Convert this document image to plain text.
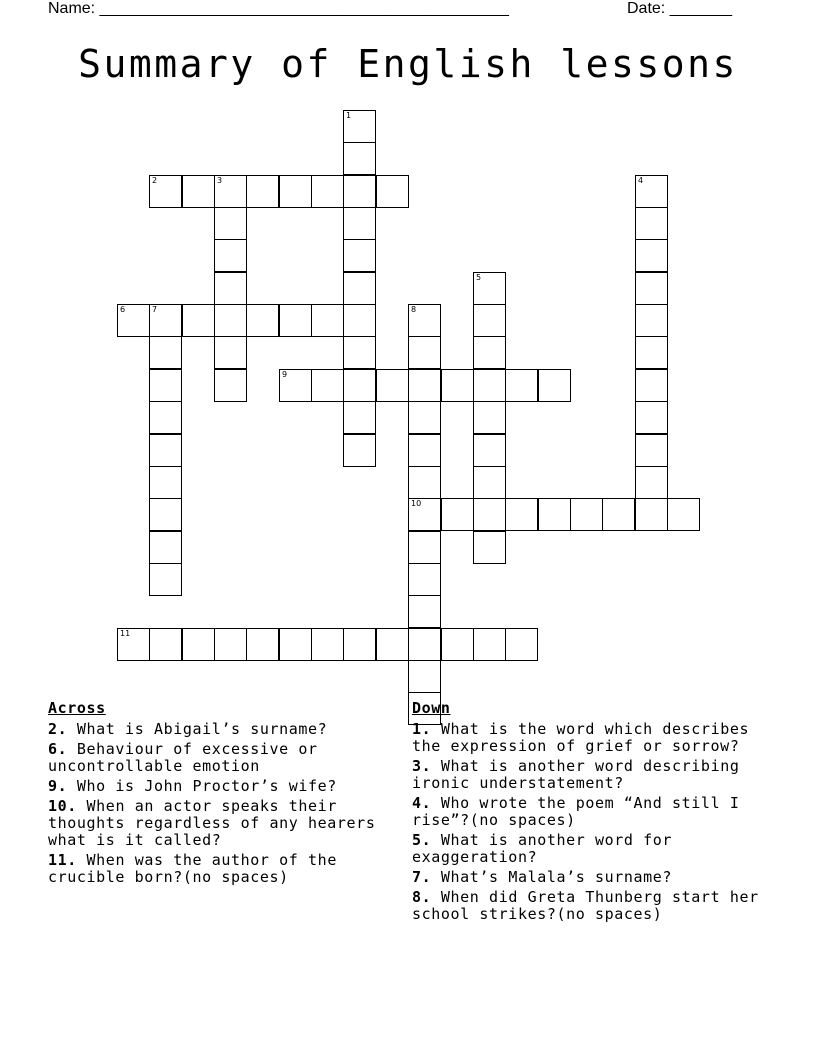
Name: ______________________________________________	Date: _______
Summary of English lessons
1
2	3	4
5
6	7	8
10
9
11
Across
2. What is Abigail’s surname?
6. Behaviour of excessive or uncontrollable emotion
9. Who is John Proctor’s wife?
10. When an actor speaks their thoughts regardless of any hearers what is it called?
11. When was the author of the crucible born?(no spaces)
Down
1. What is the word which describes the expression of grief or sorrow?
3. What is another word describing ironic understatement?
4. Who wrote the poem “And still I rise”?(no spaces)
5. What is another word for exaggeration?
7. What’s Malala’s surname?
8. When did Greta Thunberg start her school strikes?(no spaces)
